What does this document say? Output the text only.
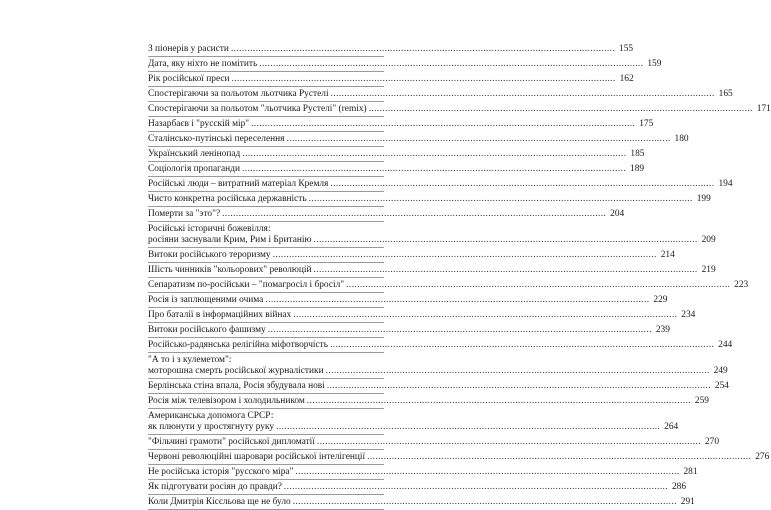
З піонерів у расисти .....	155
Дата, яку ніхто не помітить .....	159
Рік російської преси .....	162
Спостерігаючи за польотом льотчика Рустелі .....	165
Спостерігаючи за польотом "льотчика Рустелі" (remix) .....	171
Назарбаєв і "русскій мір" .....	175
Сталінсько-путінські переселення .....	180
Український ленінопад .....	185
Соціологія пропаганди .....	189
Російські люди – витратний матеріал Кремля .....	194
Чисто конкретна російська державність .....	199
Померти за "это"? .....	204
Російські історичні божевілля:
росіяни заснували Крим, Рим і Британію .....	209
Витоки російського тероризму .....	214
Шість чинників "кольорових" революцій .....	219
Сепаратизм по-російськи – "помагросіл і бросіл" .....	223
Росія із заплющеними очима .....	229
Про баталії в інформаційних війнах .....	234
Витоки російського фашизму .....	239
Російсько-радянська релігійна міфотворчість .....	244
"А то і з кулеметом":
моторошна смерть російської журналістики .....	249
Берлінська стіна впала, Росія збудувала нові .....	254
Росія між телевізором і холодильником .....	259
Американська допомога СРСР:
як плюнути у простягнуту руку .....	264
"Фільчині грамоти" російської дипломатії .....	270
Червоні революційні шаровари російської інтелігенції .....	276
Не російська історія "русского міра" .....	281
Як підготувати росіян до правди? .....	286
Коли Дмитрія Кісєльова ще не було .....	291
